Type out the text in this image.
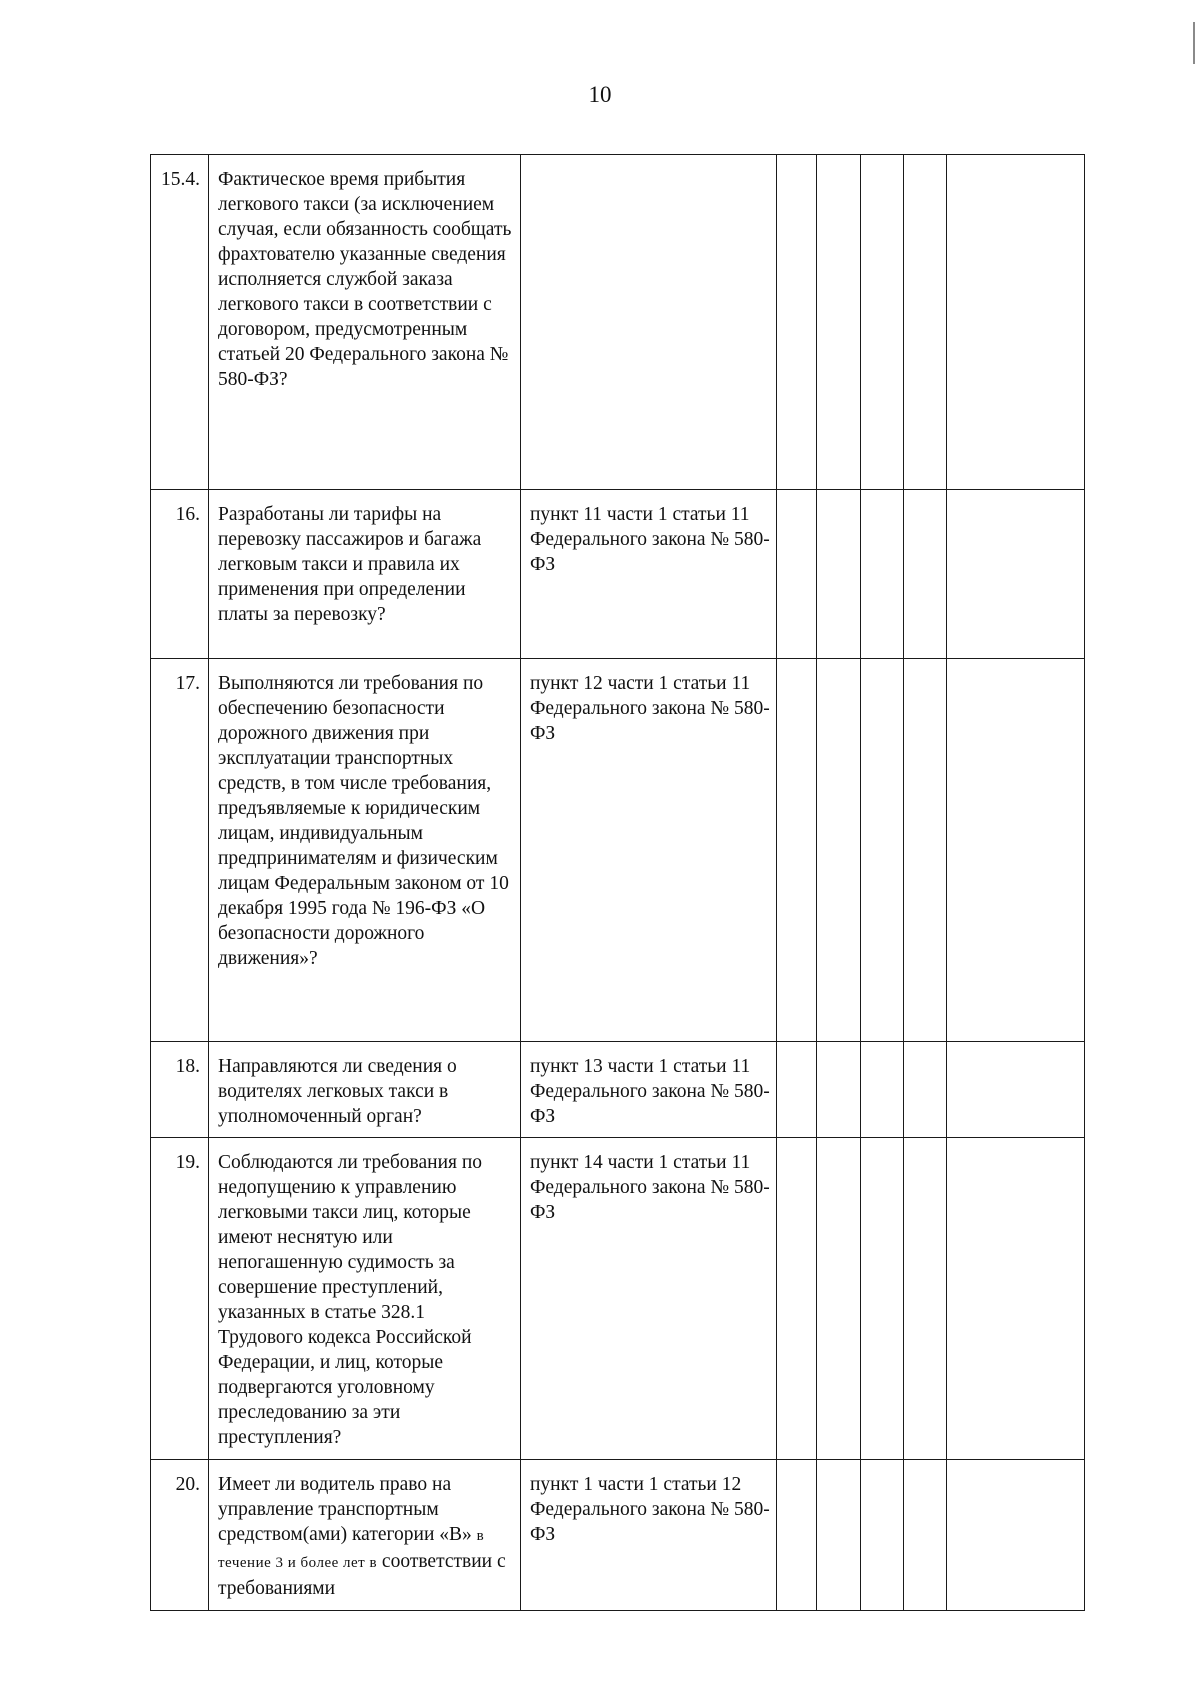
10
15.4.	Фактическое время прибытия легкового такси (за исключением случая, если обязанность сообщать фрахтователю указанные сведения исполняется службой заказа легкового такси в соответствии с договором, предусмотренным статьей 20 Федерального закона № 580-ФЗ?						
16.	Разработаны ли тарифы на перевозку пассажиров и багажа легковым такси и правила их применения при определении платы за перевозку?	пункт 11 части 1 статьи 11 Федерального закона № 580-ФЗ					
17.	Выполняются ли требования по обеспечению безопасности дорожного движения при эксплуатации транспортных средств, в том числе требования, предъявляемые к юридическим лицам, индивидуальным предпринимателям и физическим лицам Федеральным законом от 10 декабря 1995 года № 196-ФЗ «О безопасности дорожного движения»?	пункт 12 части 1 статьи 11 Федерального закона № 580-ФЗ					
18.	Направляются ли сведения о водителях легковых такси в уполномоченный орган?	пункт 13 части 1 статьи 11 Федерального закона № 580-ФЗ					
19.	Соблюдаются ли требования по недопущению к управлению легковыми такси лиц, которые имеют неснятую или непогашенную судимость за совершение преступлений, указанных в статье 328.1 Трудового кодекса Российской Федерации, и лиц, которые подвергаются уголовному преследованию за эти преступления?	пункт 14 части 1 статьи 11 Федерального закона № 580-ФЗ					
20.	Имеет ли водитель право на управление транспортным средством(ами) категории «В» в течение 3 и более лет в соответствии с требованиями	пункт 1 части 1 статьи 12 Федерального закона № 580-ФЗ					
